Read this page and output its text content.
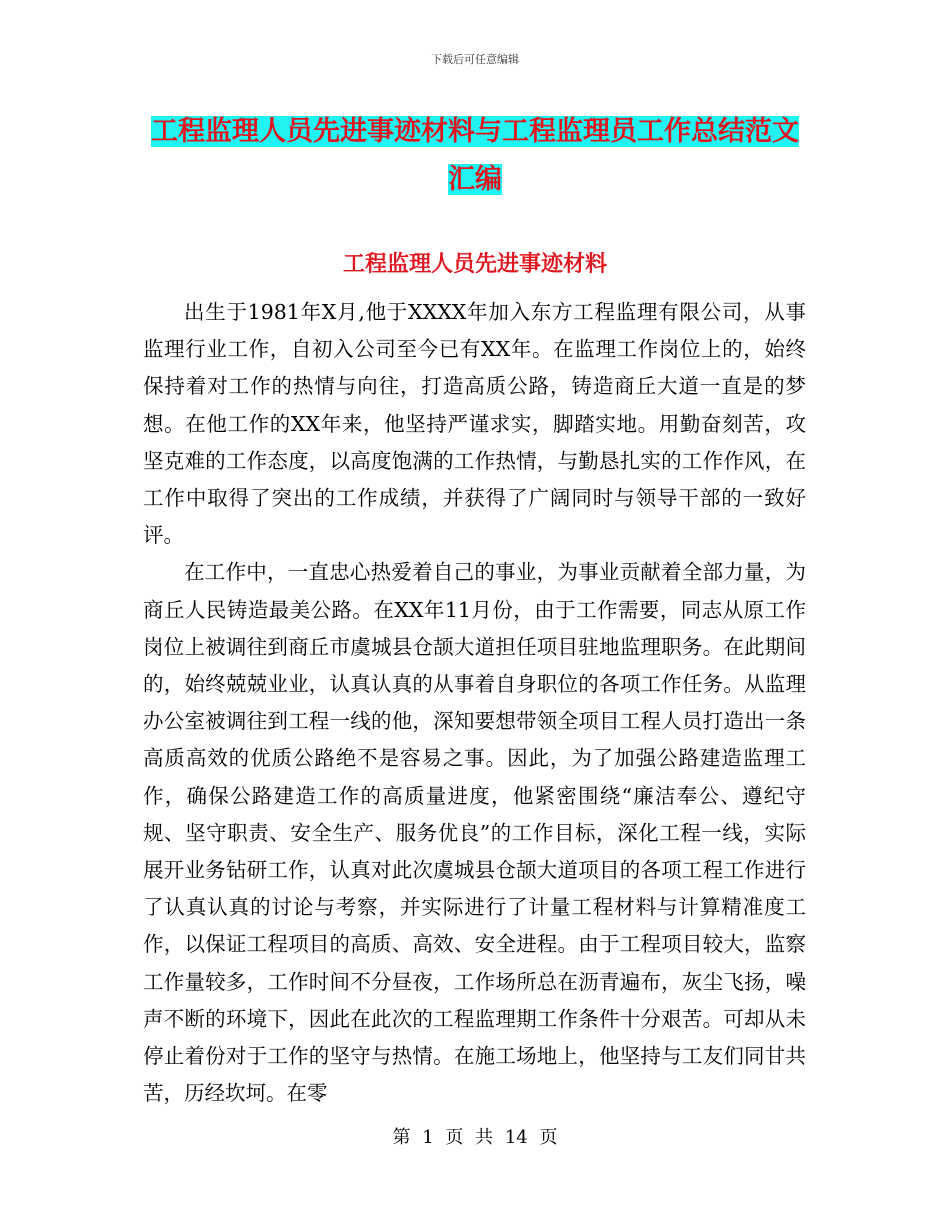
下载后可任意编辑
工程监理人员先进事迹材料与工程监理员工作总结范文汇编
工程监理人员先进事迹材料

出生于1981年X月,他于XXXX年加入东方工程监理有限公司，从事监理行业工作，自初入公司至今已有XX年。在监理工作岗位上的，始终保持着对工作的热情与向往，打造高质公路，铸造商丘大道一直是的梦想。在他工作的XX年来，他坚持严谨求实，脚踏实地。用勤奋刻苦，攻坚克难的工作态度，以高度饱满的工作热情，与勤恳扎实的工作作风，在工作中取得了突出的工作成绩，并获得了广阔同时与领导干部的一致好评。

在工作中，一直忠心热爱着自己的事业，为事业贡献着全部力量，为商丘人民铸造最美公路。在XX年11月份，由于工作需要，同志从原工作岗位上被调往到商丘市虞城县仓颉大道担任项目驻地监理职务。在此期间的，始终兢兢业业，认真认真的从事着自身职位的各项工作任务。从监理办公室被调往到工程一线的他，深知要想带领全项目工程人员打造出一条高质高效的优质公路绝不是容易之事。因此，为了加强公路建造监理工作，确保公路建造工作的高质量进度，他紧密围绕“廉洁奉公、遵纪守规、坚守职责、安全生产、服务优良”的工作目标，深化工程一线，实际展开业务钻研工作，认真对此次虞城县仓颉大道项目的各项工程工作进行了认真认真的讨论与考察，并实际进行了计量工程材料与计算精准度工作，以保证工程项目的高质、高效、安全进程。由于工程项目较大，监察工作量较多，工作时间不分昼夜，工作场所总在沥青遍布，灰尘飞扬，噪声不断的环境下，因此在此次的工程监理期工作条件十分艰苦。可却从未停止着份对于工作的坚守与热情。在施工场地上，他坚持与工友们同甘共苦，历经坎坷。在零

第 1 页 共 14 页
